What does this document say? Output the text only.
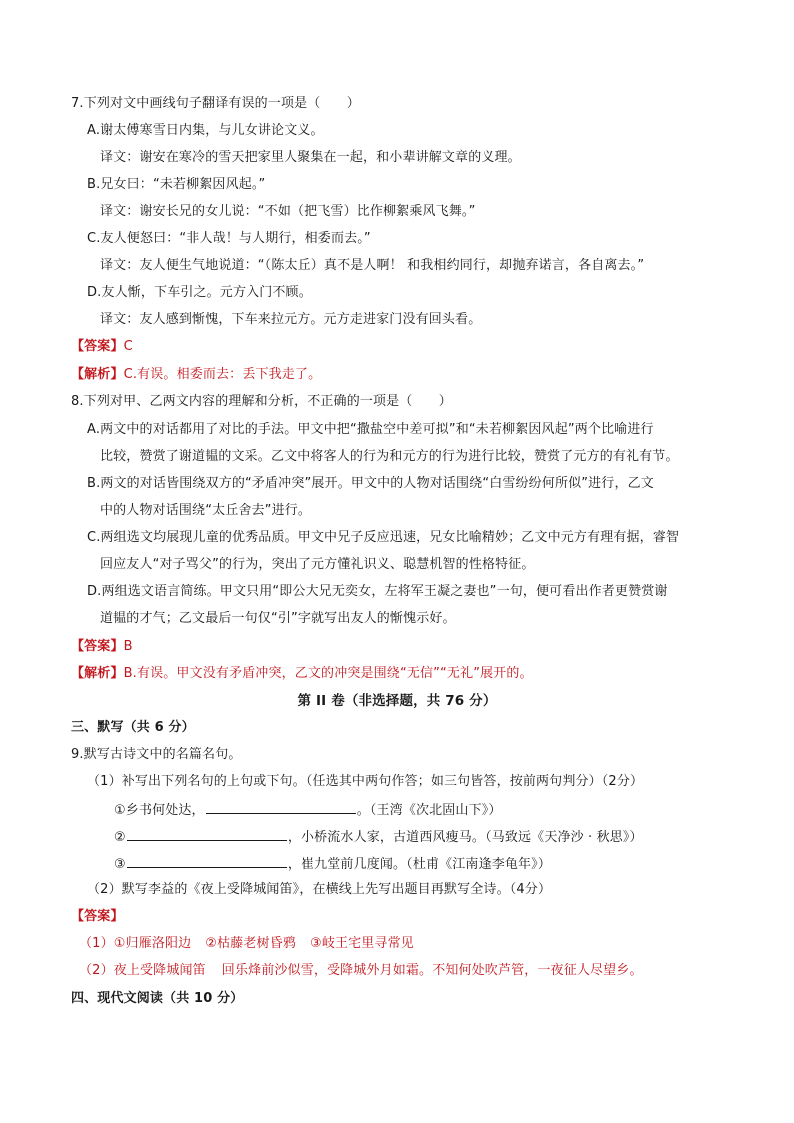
7.下列对文中画线句子翻译有误的一项是（　　）
A.谢太傅寒雪日内集，与儿女讲论文义。
译文：谢安在寒冷的雪天把家里人聚集在一起，和小辈讲解文章的义理。
B.兄女曰：“未若柳絮因风起。”
译文：谢安长兄的女儿说：“不如（把飞雪）比作柳絮乘风飞舞。”
C.友人便怒曰：“非人哉！与人期行，相委而去。”
译文：友人便生气地说道：“（陈太丘）真不是人啊！ 和我相约同行，却抛弃诺言，各自离去。”
D.友人惭，下车引之。元方入门不顾。
译文：友人感到惭愧，下车来拉元方。元方走进家门没有回头看。
【答案】C
【解析】C.有误。相委而去：丢下我走了。
8.下列对甲、乙两文内容的理解和分析，不正确的一项是（　　）
A.两文中的对话都用了对比的手法。甲文中把“撒盐空中差可拟”和“未若柳絮因风起”两个比喻进行
比较，赞赏了谢道韫的文采。乙文中将客人的行为和元方的行为进行比较，赞赏了元方的有礼有节。
B.两文的对话皆围绕双方的“矛盾冲突”展开。甲文中的人物对话围绕“白雪纷纷何所似”进行，乙文
中的人物对话围绕“太丘舍去”进行。
C.两组选文均展现儿童的优秀品质。甲文中兄子反应迅速，兄女比喻精妙；乙文中元方有理有据，睿智
回应友人“对子骂父”的行为，突出了元方懂礼识义、聪慧机智的性格特征。
D.两组选文语言简练。甲文只用“即公大兄无奕女，左将军王凝之妻也”一句，便可看出作者更赞赏谢
道韫的才气；乙文最后一句仅“引”字就写出友人的惭愧示好。
【答案】B
【解析】B.有误。甲文没有矛盾冲突，乙文的冲突是围绕“无信”“无礼”展开的。
第 II 卷（非选择题，共 76 分）
三、默写（共 6 分）
9.默写古诗文中的名篇名句。
（1）补写出下列名句的上句或下句。（任选其中两句作答；如三句皆答，按前两句判分）（2分）
①乡书何处达，	。（王湾《次北固山下》）
②	，小桥流水人家，古道西风瘦马。（马致远《天净沙 · 秋思》）
③	，崔九堂前几度闻。（杜甫《江南逢李龟年》）
（2）默写李益的《夜上受降城闻笛》，在横线上先写出题目再默写全诗。（4分）
【答案】
（1）①归雁洛阳边 ②枯藤老树昏鸦 ③岐王宅里寻常见
（2）夜上受降城闻笛 回乐烽前沙似雪，受降城外月如霜。不知何处吹芦管，一夜征人尽望乡。
四、现代文阅读（共 10 分）
